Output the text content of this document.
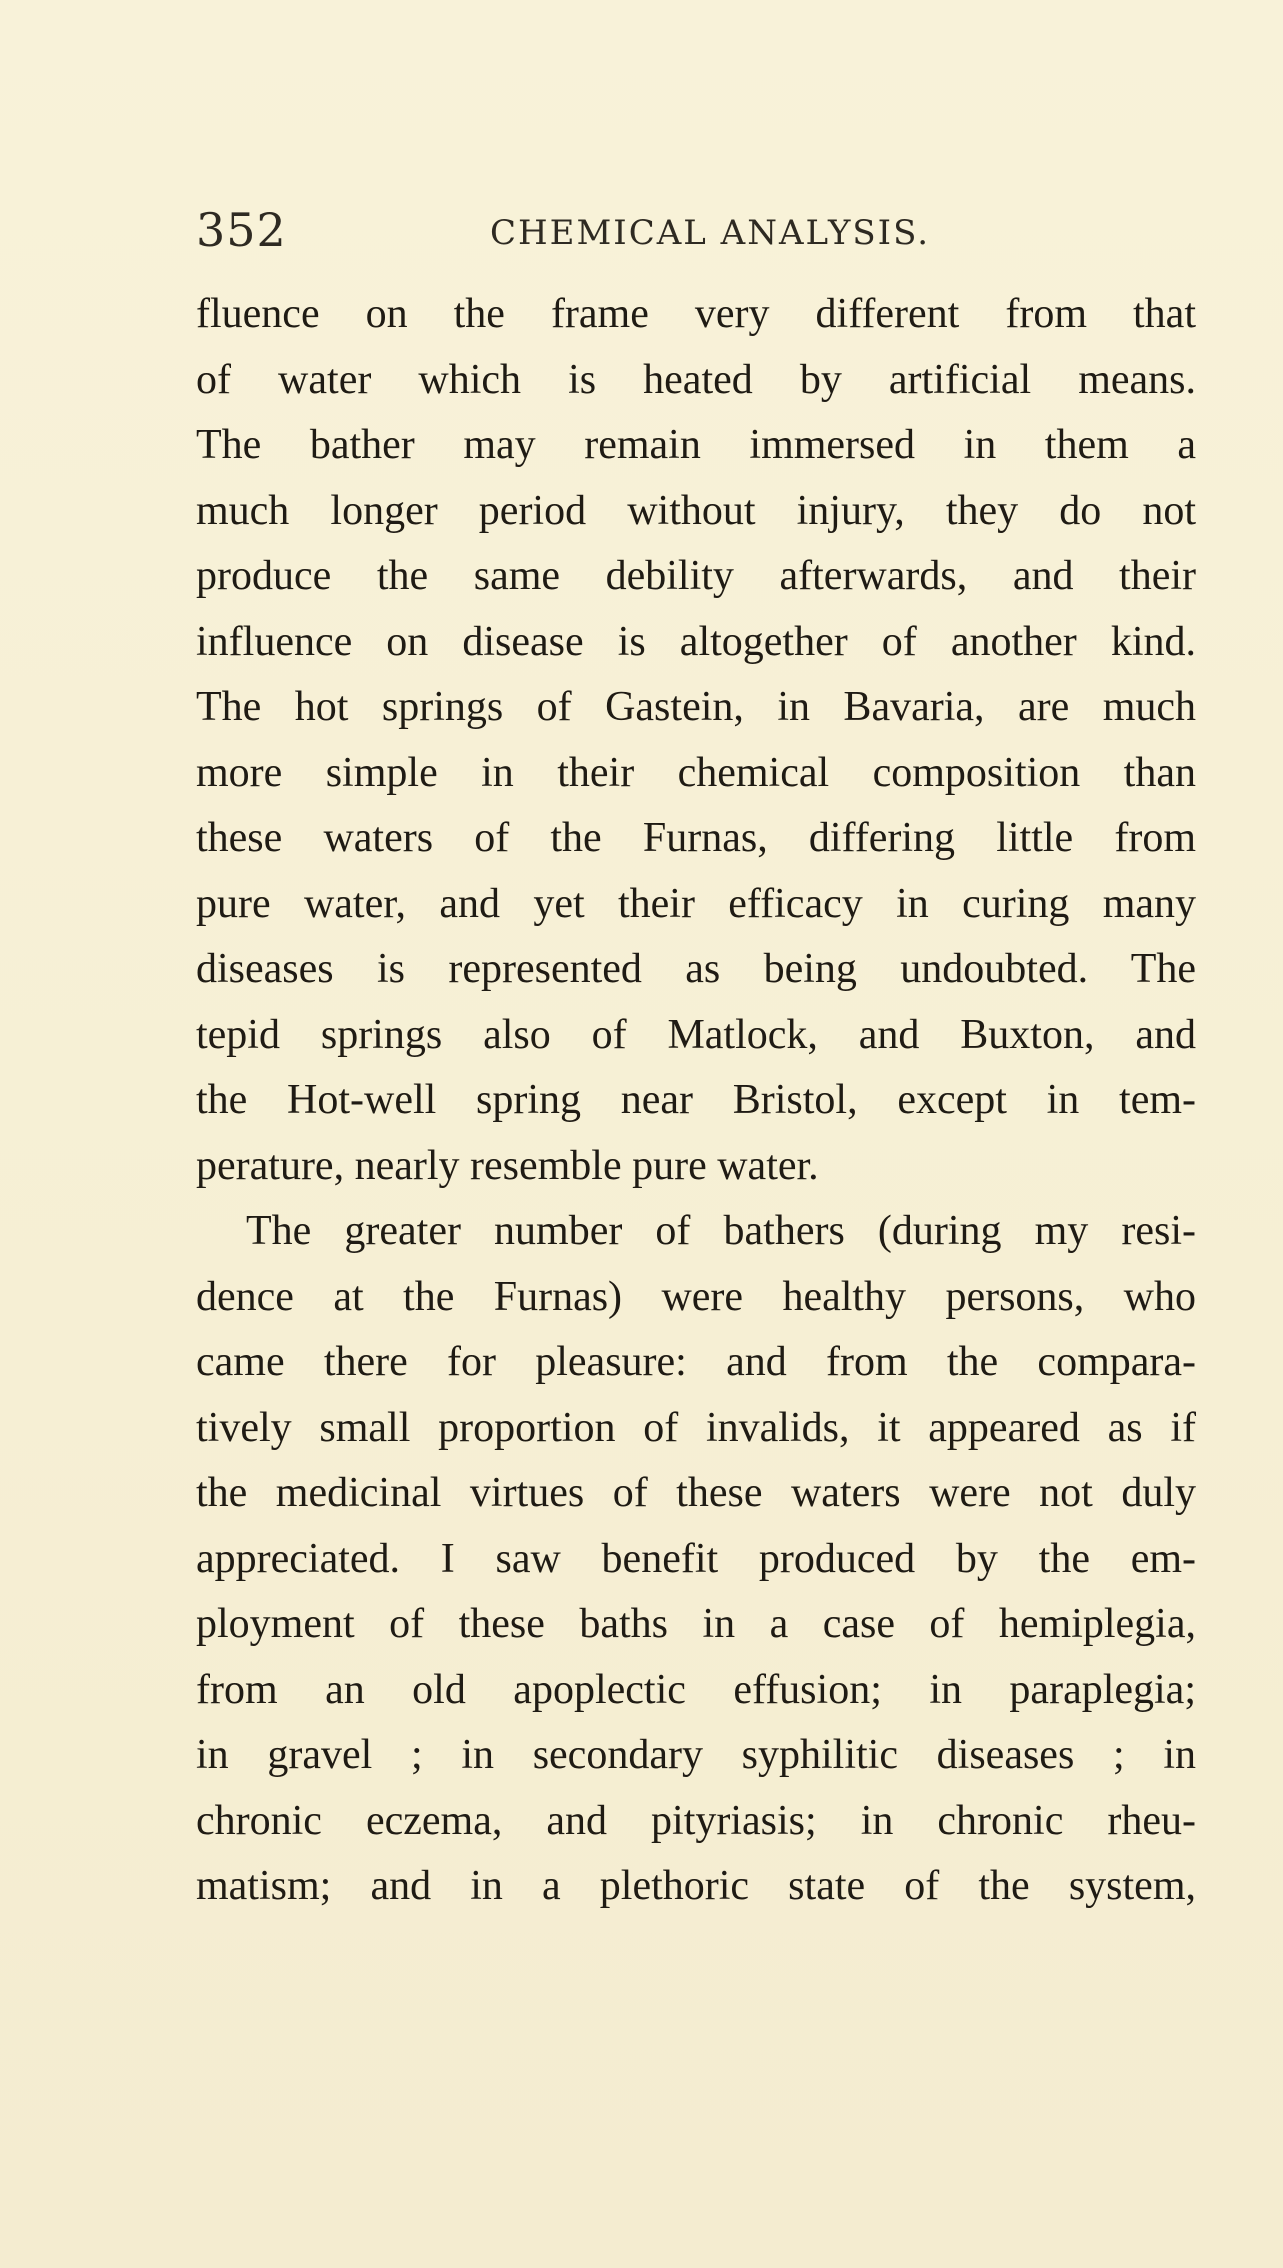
352	CHEMICAL ANALYSIS.
fluence on the frame very different from that
of water which is heated by artificial means.
The bather may remain immersed in them a
much longer period without injury, they do not
produce the same debility afterwards, and their
influence on disease is altogether of another kind.
The hot springs of Gastein, in Bavaria, are much
more simple in their chemical composition than
these waters of the Furnas, differing little from
pure water, and yet their efficacy in curing many
diseases is represented as being undoubted. The
tepid springs also of Matlock, and Buxton, and
the Hot-well spring near Bristol, except in tem-
perature, nearly resemble pure water.
The greater number of bathers (during my resi-
dence at the Furnas) were healthy persons, who
came there for pleasure: and from the compara-
tively small proportion of invalids, it appeared as if
the medicinal virtues of these waters were not duly
appreciated. I saw benefit produced by the em-
ployment of these baths in a case of hemiplegia,
from an old apoplectic effusion; in paraplegia;
in gravel ; in secondary syphilitic diseases ; in
chronic eczema, and pityriasis; in chronic rheu-
matism; and in a plethoric state of the system,
